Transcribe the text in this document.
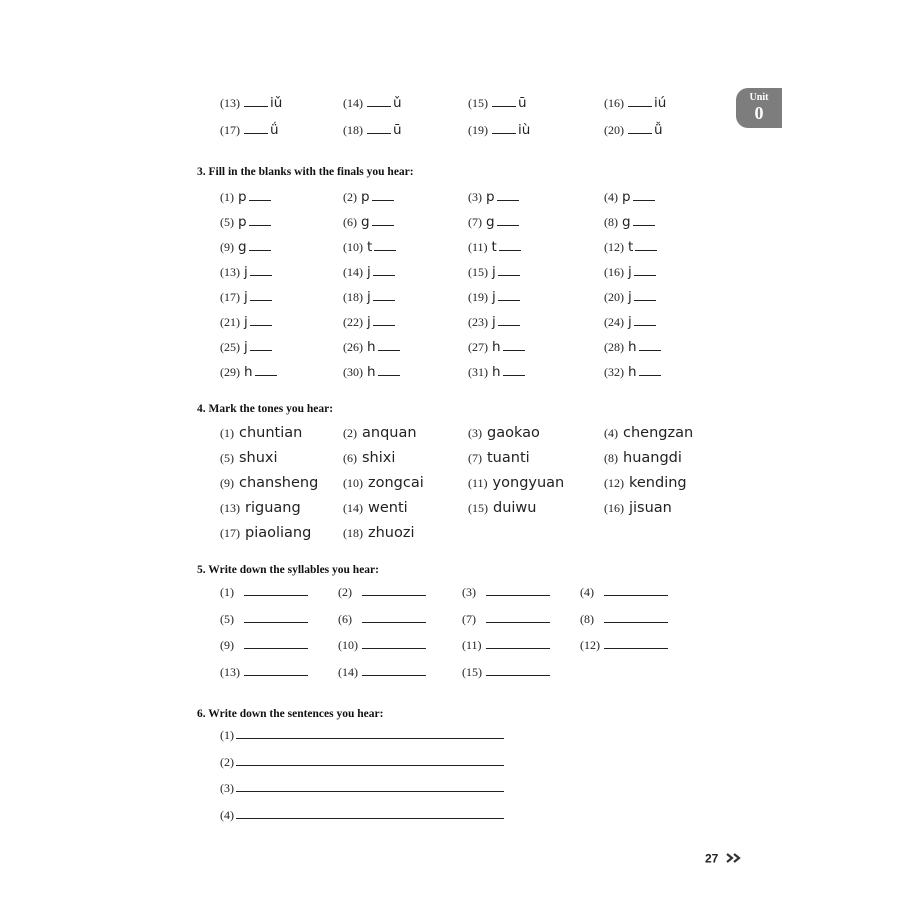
Unit
0
(13) iǔ	(14) ǔ	(15) ū	(16) iú
(17) ǘ	(18) ū	(19) iù	(20) ǚ
3. Fill in the blanks with the finals you hear:
(1) p	(2) p	(3) p	(4) p
(5) p	(6) g	(7) g	(8) g
(9) g	(10) t	(11) t	(12) t
(13) j	(14) j	(15) j	(16) j
(17) j	(18) j	(19) j	(20) j
(21) j	(22) j	(23) j	(24) j
(25) j	(26) h	(27) h	(28) h
(29) h	(30) h	(31) h	(32) h
4. Mark the tones you hear:
(1) chuntian	(2) anquan	(3) gaokao	(4) chengzan
(5) shuxi	(6) shixi	(7) tuanti	(8) huangdi
(9) chansheng (10) zongcai	(11) yongyuan	(12) kending
(13) riguang	(14) wenti	(15) duiwu	(16) jisuan
(17) piaoliang	(18) zhuozi
5. Write down the syllables you hear:
(1)	(2)	(3)	(4)
(5)	(6)	(7)	(8)
(9)	(10)	(11)	(12)
(13)	(14)	(15)
6. Write down the sentences you hear:
(1)
(2)
(3)
(4)
27
